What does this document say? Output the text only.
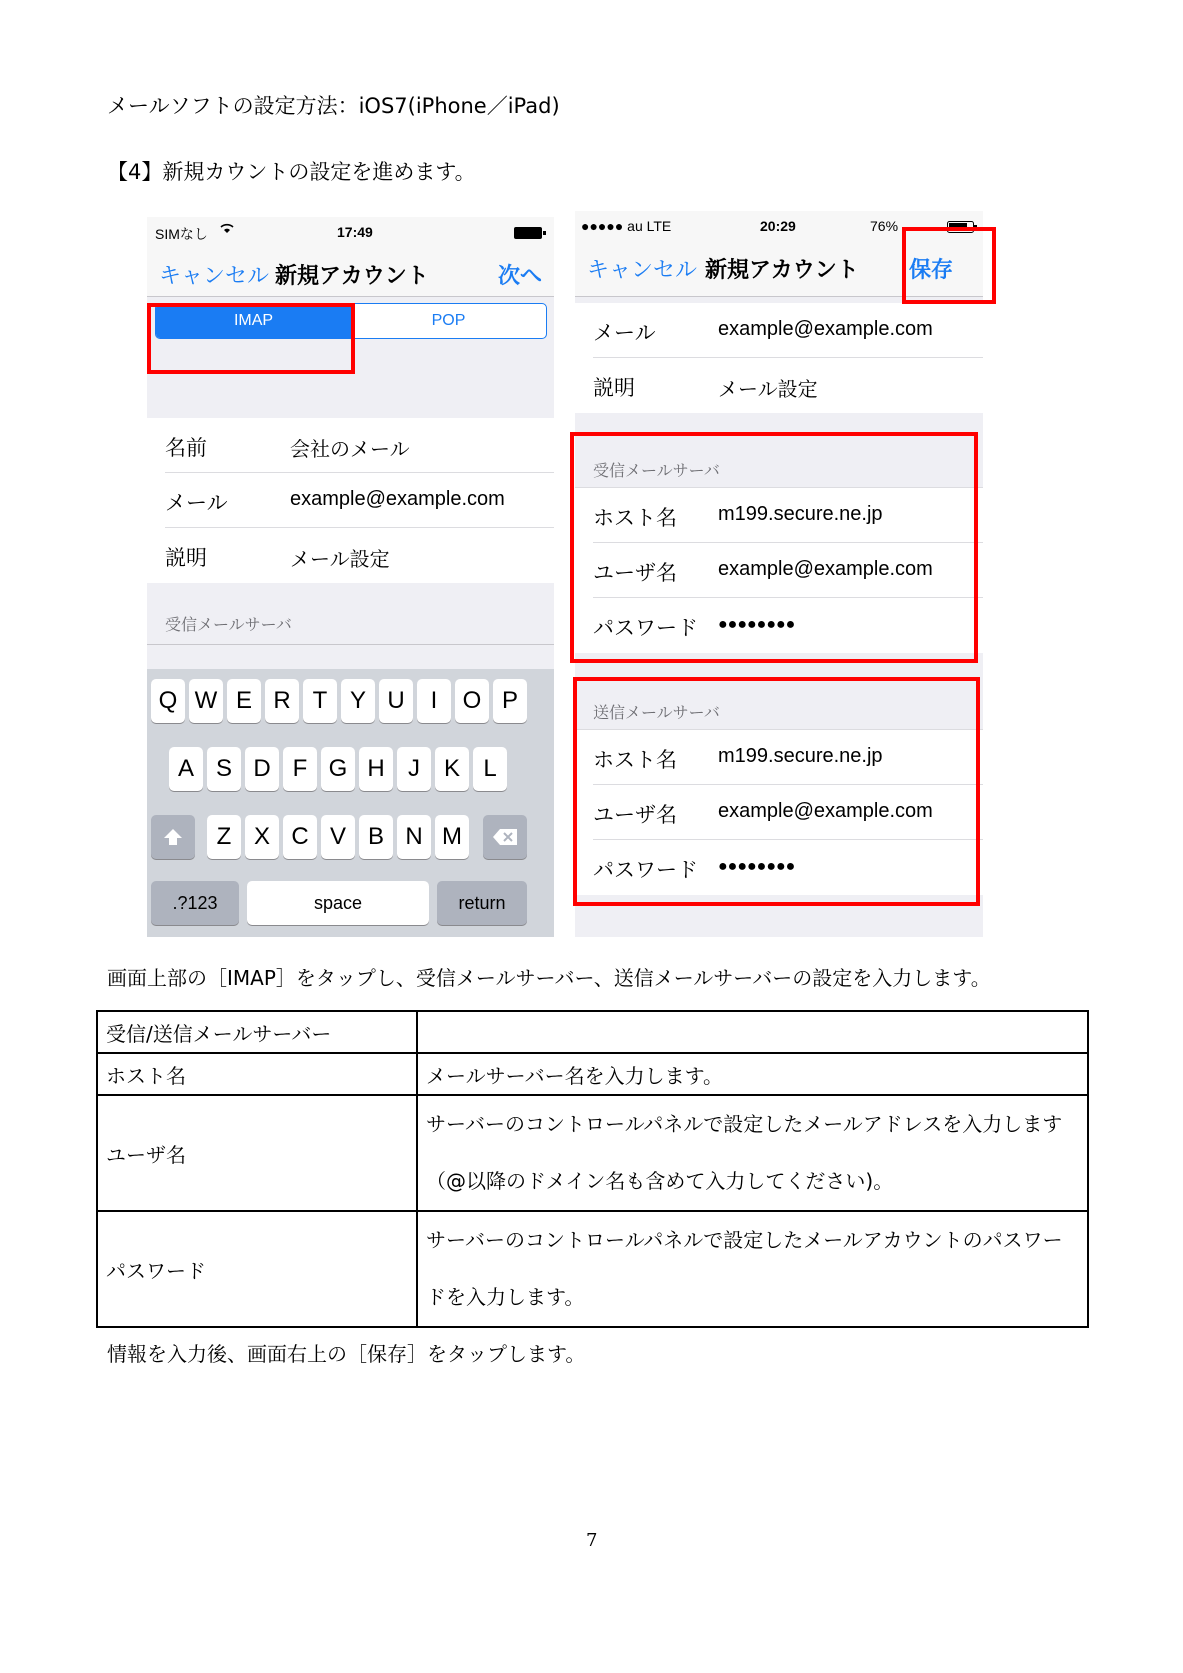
メールソフトの設定方法：iOS7(iPhone／iPad)
【4】新規カウントの設定を進めます。
SIMなし	17:49
キャンセル 新規アカウント	次へ
IMAP	POP
名前	会社のメール
メール	example@example.com
説明	メール設定
受信メールサーバ
Q W E R T Y U	I	O P
A S D F G H J K L
Z X C V B N M
.?123	space	return
●●●●● au LTE	20:29	76%
キャンセル 新規アカウント 保存
メール	example@example.com
説明	メール設定
受信メールサーバ
ホスト名 m199.secure.ne.jp
ユーザ名 example@example.com
パスワード ●●●●●●●●
送信メールサーバ
ホスト名 m199.secure.ne.jp
ユーザ名 example@example.com
パスワード ●●●●●●●●
画面上部の［IMAP］をタップし、受信メールサーバー、送信メールサーバーの設定を入力します。
受信/送信メールサーバー	
ホスト名	メールサーバー名を入力します。
ユーザ名	サーバーのコントロールパネルで設定したメールアドレスを入力します（@以降のドメイン名も含めて入力してください)。
パスワード	サーバーのコントロールパネルで設定したメールアカウントのパスワードを入力します。
情報を入力後、画面右上の［保存］をタップします。
7
